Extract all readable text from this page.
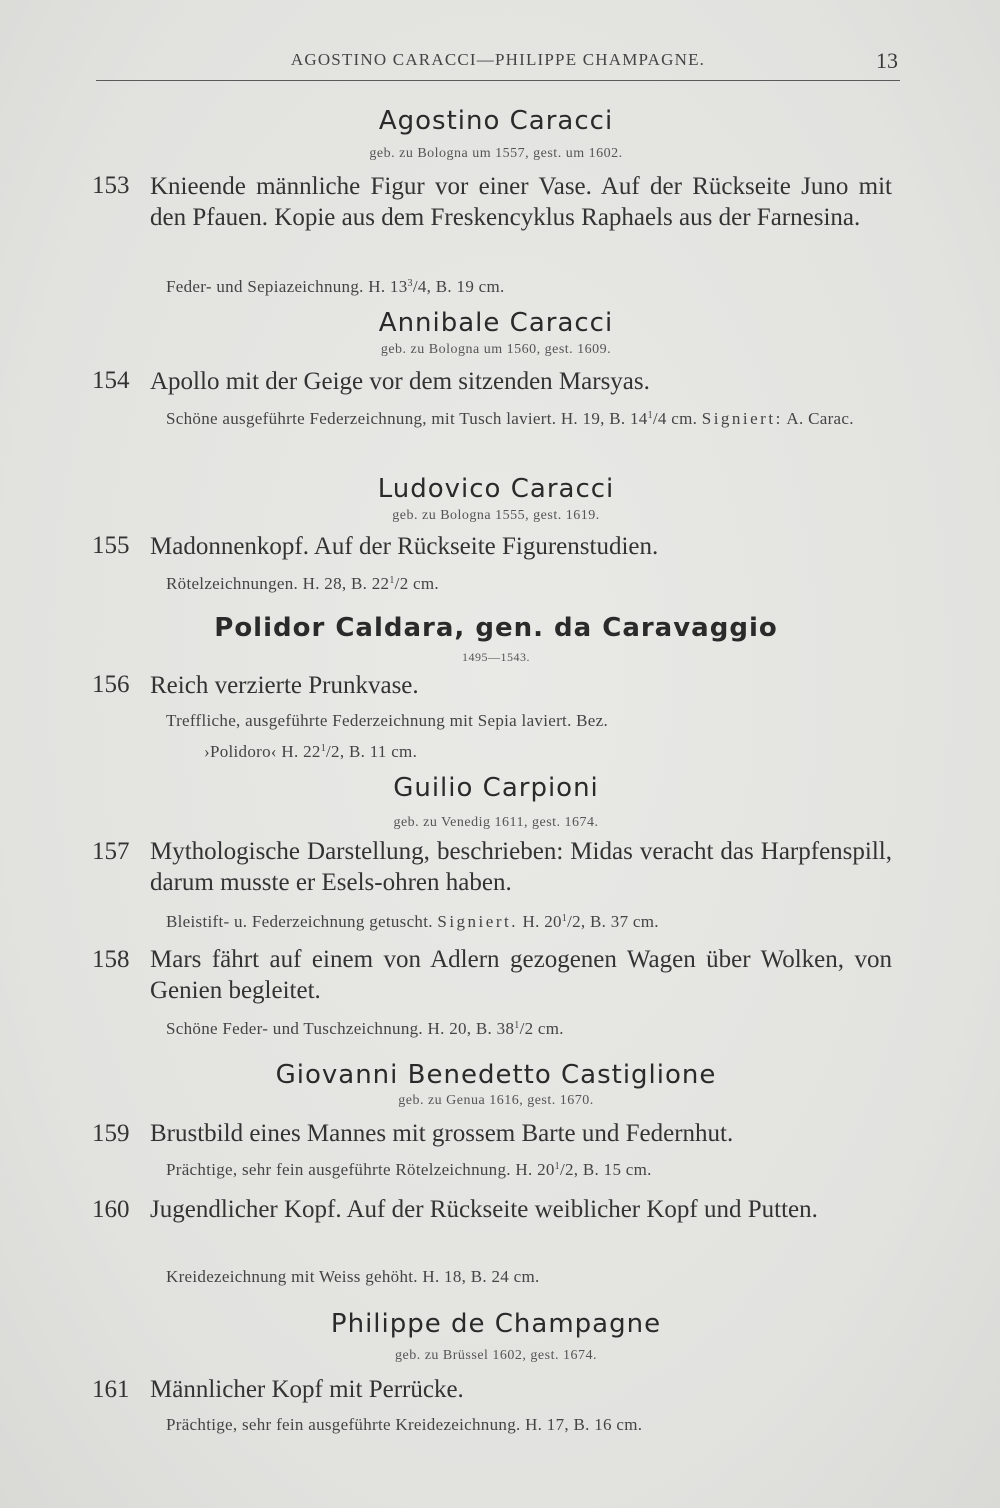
AGOSTINO CARACCI—PHILIPPE CHAMPAGNE.	13
Agostino Caracci
geb. zu Bologna um 1557, gest. um 1602.
153 Knieende männliche Figur vor einer Vase. Auf der Rückseite Juno mit den Pfauen. Kopie aus dem Freskencyklus Raphaels aus der Farnesina.
Feder- und Sepiazeichnung. H. $13^3/4$, B. 19 cm.
Annibale Caracci
geb. zu Bologna um 1560, gest. 1609.
154 Apollo mit der Geige vor dem sitzenden Marsyas.
Schöne ausgeführte Federzeichnung, mit Tusch laviert. H. 19, B. $14^1/4$ cm. Signiert: A. Carac.
Ludovico Caracci
geb. zu Bologna 1555, gest. 1619.
155 Madonnenkopf. Auf der Rückseite Figurenstudien.
Rötelzeichnungen. H. 28, B. $22^1/2$ cm.
Polidor Caldara, gen. da Caravaggio
1495—1543.
156 Reich verzierte Prunkvase.
Treffliche, ausgeführte Federzeichnung mit Sepia laviert. Bez.
›Polidoro‹ H. $22^1/2$, B. 11 cm.
Guilio Carpioni
geb. zu Venedig 1611, gest. 1674.
157 Mythologische Darstellung, beschrieben: Midas veracht das Harpfenspill, darum musste er Esels-ohren haben.
Bleistift- u. Federzeichnung getuscht. Signiert. H. $20^1/2$, B. 37 cm.
158 Mars fährt auf einem von Adlern gezogenen Wagen über Wolken, von Genien begleitet.
Schöne Feder- und Tuschzeichnung. H. 20, B. $38^1/2$ cm.
Giovanni Benedetto Castiglione
geb. zu Genua 1616, gest. 1670.
159 Brustbild eines Mannes mit grossem Barte und Federnhut.
Prächtige, sehr fein ausgeführte Rötelzeichnung. H. $20^1/2$, B. 15 cm.
160 Jugendlicher Kopf. Auf der Rückseite weiblicher Kopf und Putten.
Kreidezeichnung mit Weiss gehöht. H. 18, B. 24 cm.
Philippe de Champagne
geb. zu Brüssel 1602, gest. 1674.
161 Männlicher Kopf mit Perrücke.
Prächtige, sehr fein ausgeführte Kreidezeichnung. H. 17, B. 16 cm.
